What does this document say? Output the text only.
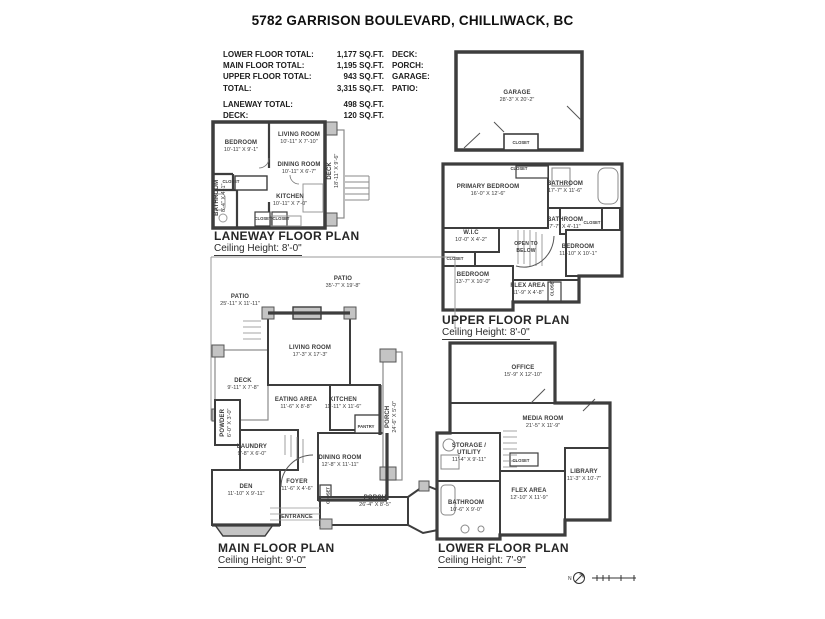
5782 GARRISON BOULEVARD, CHILLIWACK, BC
LOWER FLOOR TOTAL:	1,177 SQ.FT. DECK:
MAIN FLOOR TOTAL:	1,195 SQ.FT. PORCH:
UPPER FLOOR TOTAL:	943 SQ.FT. GARAGE:
TOTAL:	3,315 SQ.FT. PATIO:
LANEWAY TOTAL:	498 SQ.FT.
DECK:	120 SQ.FT.
BEDROOM
10'-11" X 9'-1"
LIVING ROOM
10'-11" X 7'-10"
DINING ROOM
10'-11" X 6'-7"
KITCHEN
10'-11" X 7'-0"
BATHROOM 8'-4" X 4'-1"
DECK 18'-11" X 9'-6"
CLOSET
CLOSET CLOSET
LANEWAY FLOOR PLAN
Ceiling Height: 8'-0"
GARAGE
28'-3" X 20'-2"
CLOSET
PRIMARY BEDROOM
16'-0" X 12'-6"
BATHROOM
17'-7" X 11'-6"
BATHROOM
7'-7" X 4'-11"
CLOSET
W.I.C
10'-0" X 4'-2"
CLOSET
OPEN TO BELOW
BEDROOM
11'-10" X 10'-1"
BEDROOM
13'-7" X 10'-0"
FLEX AREA
11'-9" X 4'-8"	CLOSET
CLOSET
UPPER FLOOR PLAN
Ceiling Height: 8'-0"
PATIO
35'-7" X 19'-8"
PATIO
25'-11" X 11'-11"
LIVING ROOM
17'-3" X 17'-3"
DECK
9'-11" X 7'-8"
EATING AREA
11'-6" X 8'-8"
KITCHEN
11'-11" X 11'-6"
POWDER 6'-0" X 3'-0"	PANTRY	PORCH 24'-6" X 5'-0"
LAUNDRY
9'-8" X 6'-0"
DINING ROOM
12'-8" X 11'-11"
DEN
11'-10" X 9'-11"
FOYER
11'-6" X 4'-6"
ENTRANCE
PORCH
26'-4" X 8'-5"
CLOSET
MAIN FLOOR PLAN
Ceiling Height: 9'-0"
OFFICE
15'-9" X 12'-10"
MEDIA ROOM
21'-5" X 11'-9"
STORAGE / UTILITY
11'-4" X 9'-11"	CLOSET
LIBRARY
11'-3" X 10'-7"
BATHROOM
10'-6" X 9'-0"
FLEX AREA
12'-10" X 11'-9"
LOWER FLOOR PLAN
Ceiling Height: 7'-9"
N
